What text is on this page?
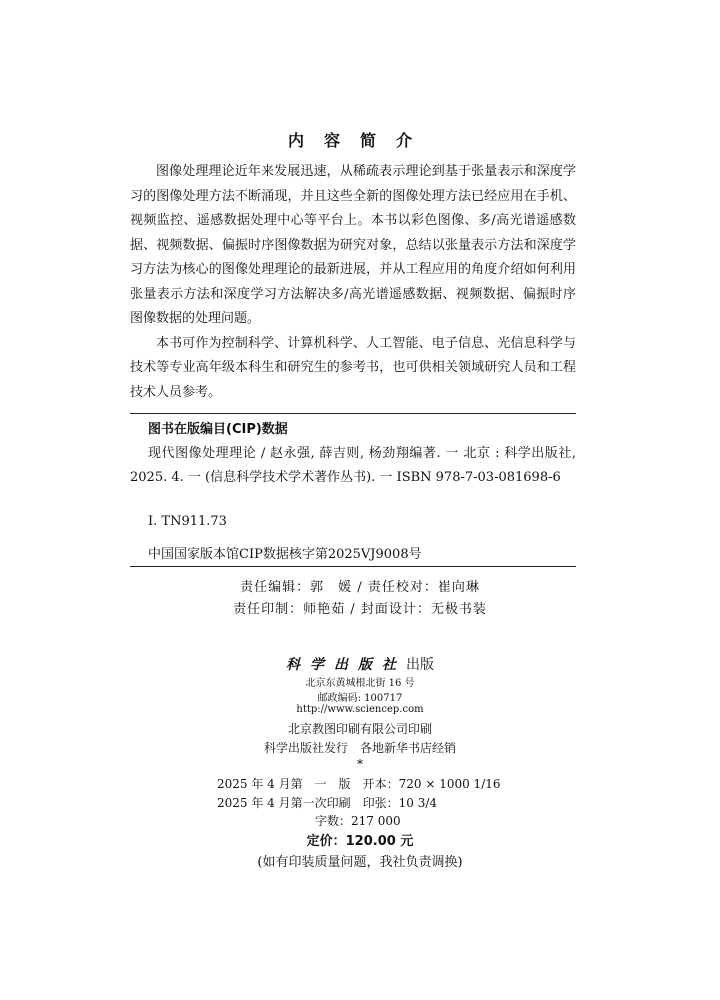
内容简介

图像处理理论近年来发展迅速，从稀疏表示理论到基于张量表示和深度学习的图像处理方法不断涌现，并且这些全新的图像处理方法已经应用在手机、视频监控、遥感数据处理中心等平台上。本书以彩色图像、多/高光谱遥感数据、视频数据、偏振时序图像数据为研究对象，总结以张量表示方法和深度学习方法为核心的图像处理理论的最新进展，并从工程应用的角度介绍如何利用张量表示方法和深度学习方法解决多/高光谱遥感数据、视频数据、偏振时序图像数据的处理问题。

本书可作为控制科学、计算机科学、人工智能、电子信息、光信息科学与技术等专业高年级本科生和研究生的参考书，也可供相关领域研究人员和工程技术人员参考。

图书在版编目(CIP)数据
现代图像处理理论 / 赵永强, 薛吉则, 杨劲翔编著. 一 北京 : 科学出版社, 2025. 4. 一 (信息科学技术学术著作丛书). 一 ISBN 978-7-03-081698-6
Ⅰ. TN911.73
中国国家版本馆CIP数据核字第2025VJ9008号
责任编辑：郭　媛 / 责任校对：崔向琳
责任印制：师艳茹 / 封面设计：无极书装
科学出版社出版
北京东黄城根北街 16 号
邮政编码: 100717
http://www.sciencep.com
北京教图印刷有限公司印刷
科学出版社发行　各地新华书店经销
*
2025 年 4 月第　一　版　开本：720 × 1000 1/16
2025 年 4 月第一次印刷　印张：10 3/4
字数：217 000
定价：120.00 元
(如有印装质量问题，我社负责调换)
